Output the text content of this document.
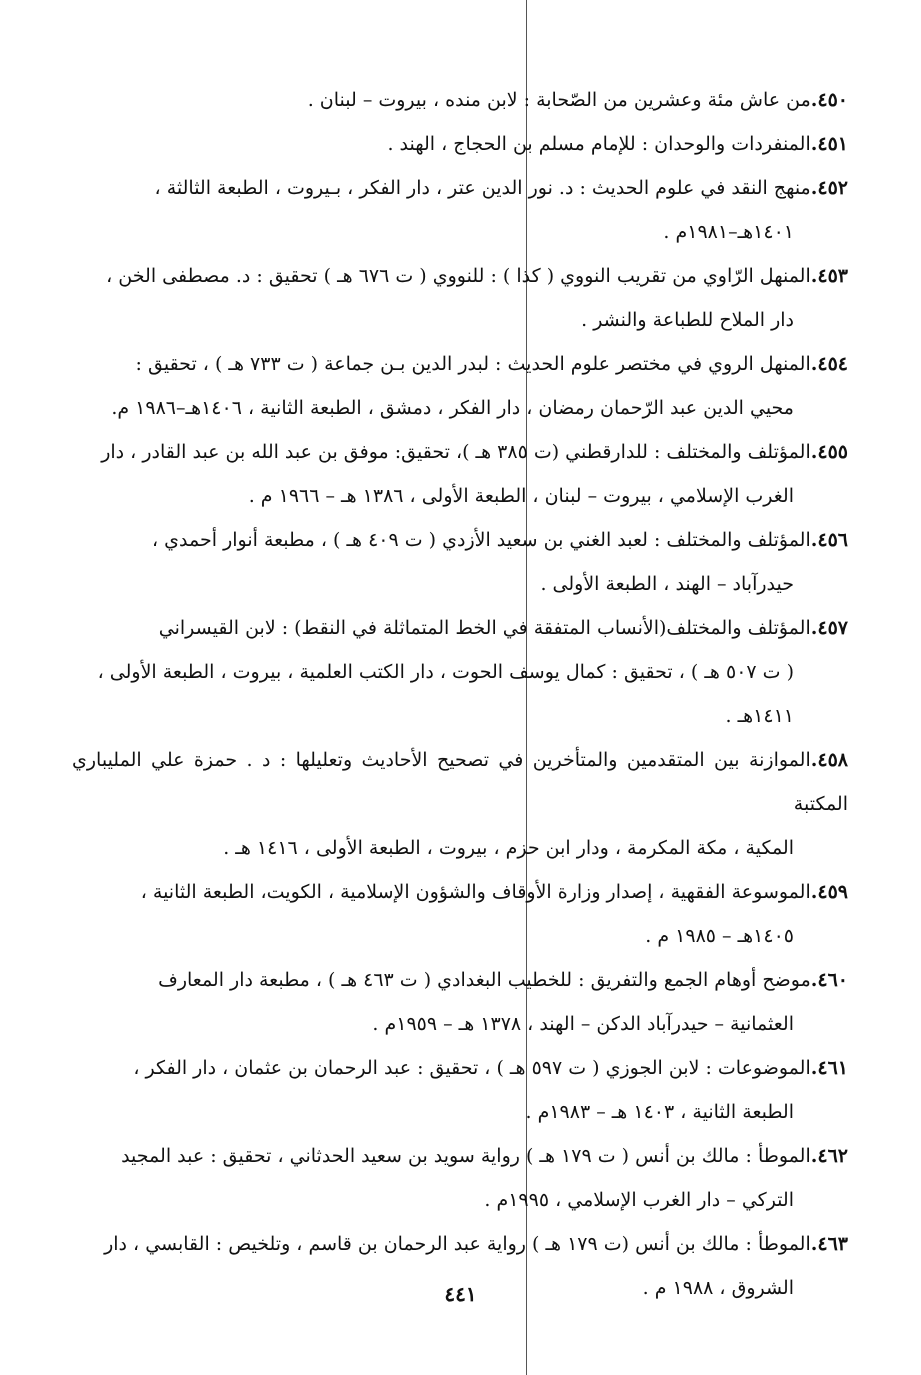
٤٥٠.من عاش مئة وعشرين من الصّحابة : لابن منده ، بيروت – لبنان .
٤٥١.المنفردات والوحدان : للإمام مسلم بن الحجاج ، الهند .
٤٥٢.منهج النقد في علوم الحديث : د. نور الدين عتر ، دار الفكر ، بـيروت ، الطبعة الثالثة ،
١٤٠١هـ–١٩٨١م .
٤٥٣.المنهل الرّاوي من تقريب النووي ( كذا ) : للنووي ( ت ٦٧٦ هـ ) تحقيق : د. مصطفى الخن ،
دار الملاح للطباعة والنشر .
٤٥٤.المنهل الروي في مختصر علوم الحديث : لبدر الدين بـن جماعة ( ت ٧٣٣ هـ ) ، تحقيق :
محيي الدين عبد الرّحمان رمضان ، دار الفكر ، دمشق ، الطبعة الثانية ، ١٤٠٦هـ–١٩٨٦ م.
٤٥٥.المؤتلف والمختلف : للدارقطني (ت ٣٨٥ هـ )، تحقيق: موفق بن عبد الله بن عبد القادر ، دار
الغرب الإسلامي ، بيروت – لبنان ، الطبعة الأولى ، ١٣٨٦ هـ – ١٩٦٦ م .
٤٥٦.المؤتلف والمختلف : لعبد الغني بن سعيد الأزدي ( ت ٤٠٩ هـ ) ، مطبعة أنوار أحمدي ،
حيدرآباد – الهند ، الطبعة الأولى .
٤٥٧.المؤتلف والمختلف(الأنساب المتفقة في الخط المتماثلة في النقط) : لابن القيسراني
( ت ٥٠٧ هـ ) ، تحقيق : كمال يوسف الحوت ، دار الكتب العلمية ، بيروت ، الطبعة الأولى ،
١٤١١هـ .
٤٥٨.الموازنة بين المتقدمين والمتأخرين في تصحيح الأحاديث وتعليلها : د . حمزة علي المليباري المكتبة
المكية ، مكة المكرمة ، ودار ابن حزم ، بيروت ، الطبعة الأولى ، ١٤١٦ هـ .
٤٥٩.الموسوعة الفقهية ، إصدار وزارة الأوقاف والشؤون الإسلامية ، الكويت، الطبعة الثانية ،
١٤٠٥هـ – ١٩٨٥ م .
٤٦٠.موضح أوهام الجمع والتفريق : للخطيب البغدادي ( ت ٤٦٣ هـ ) ، مطبعة دار المعارف
العثمانية – حيدرآباد الدكن – الهند ، ١٣٧٨ هـ – ١٩٥٩م .
٤٦١.الموضوعات : لابن الجوزي ( ت ٥٩٧ هـ ) ، تحقيق : عبد الرحمان بن عثمان ، دار الفكر ،
الطبعة الثانية ، ١٤٠٣ هـ – ١٩٨٣م .
٤٦٢.الموطأ : مالك بن أنس ( ت ١٧٩ هـ ) رواية سويد بن سعيد الحدثاني ، تحقيق : عبد المجيد
التركي – دار الغرب الإسلامي ، ١٩٩٥م .
٤٦٣.الموطأ : مالك بن أنس (ت ١٧٩ هـ ) رواية عبد الرحمان بن قاسم ، وتلخيص : القابسي ، دار
الشروق ، ١٩٨٨ م .
٤٤١
